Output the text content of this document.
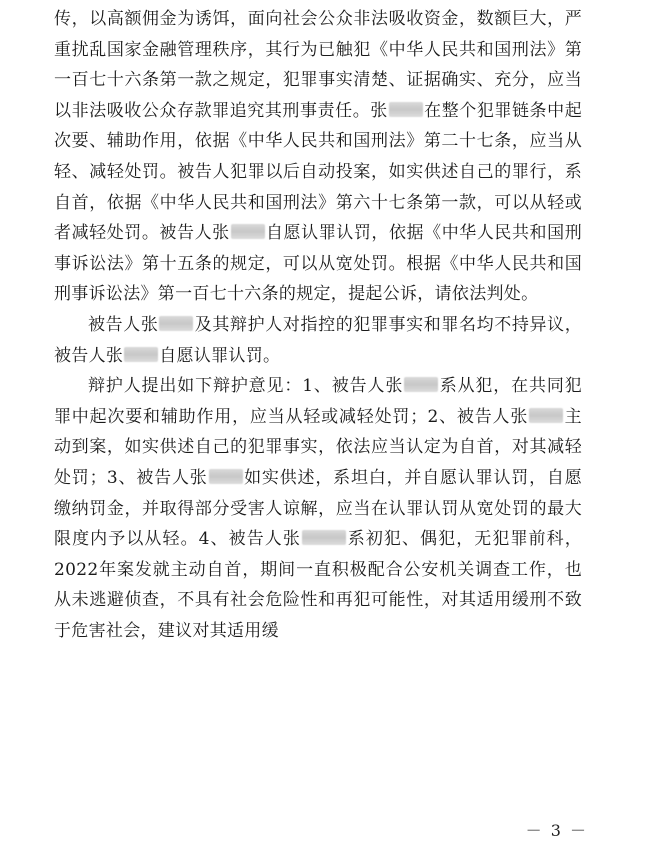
传，以高额佣金为诱饵，面向社会公众非法吸收资金，数额巨大，严重扰乱国家金融管理秩序，其行为已触犯《中华人民共和国刑法》第一百七十六条第一款之规定，犯罪事实清楚、证据确实、充分，应当以非法吸收公众存款罪追究其刑事责任。张 在整个犯罪链条中起次要、辅助作用，依据《中华人民共和国刑法》第二十七条，应当从轻、减轻处罚。被告人犯罪以后自动投案，如实供述自己的罪行，系自首，依据《中华人民共和国刑法》第六十七条第一款，可以从轻或者减轻处罚。被告人张 自愿认罪认罚，依据《中华人民共和国刑事诉讼法》第十五条的规定，可以从宽处罚。根据《中华人民共和国刑事诉讼法》第一百七十六条的规定，提起公诉，请依法判处。

被告人张 及其辩护人对指控的犯罪事实和罪名均不持异议，被告人张 自愿认罪认罚。

辩护人提出如下辩护意见：1、被告人张 系从犯，在共同犯罪中起次要和辅助作用，应当从轻或减轻处罚；2、被告人张 主动到案，如实供述自己的犯罪事实，依法应当认定为自首，对其减轻处罚；3、被告人张 如实供述，系坦白，并自愿认罪认罚，自愿缴纳罚金，并取得部分受害人谅解，应当在认罪认罚从宽处罚的最大限度内予以从轻。4、被告人张	系初犯、偶犯，无犯罪前科，2022年案发就主动自首，期间一直积极配合公安机关调查工作，也从未逃避侦查，不具有社会危险性和再犯可能性，对其适用缓刑不致于危害社会，建议对其适用缓

－ 3 －
